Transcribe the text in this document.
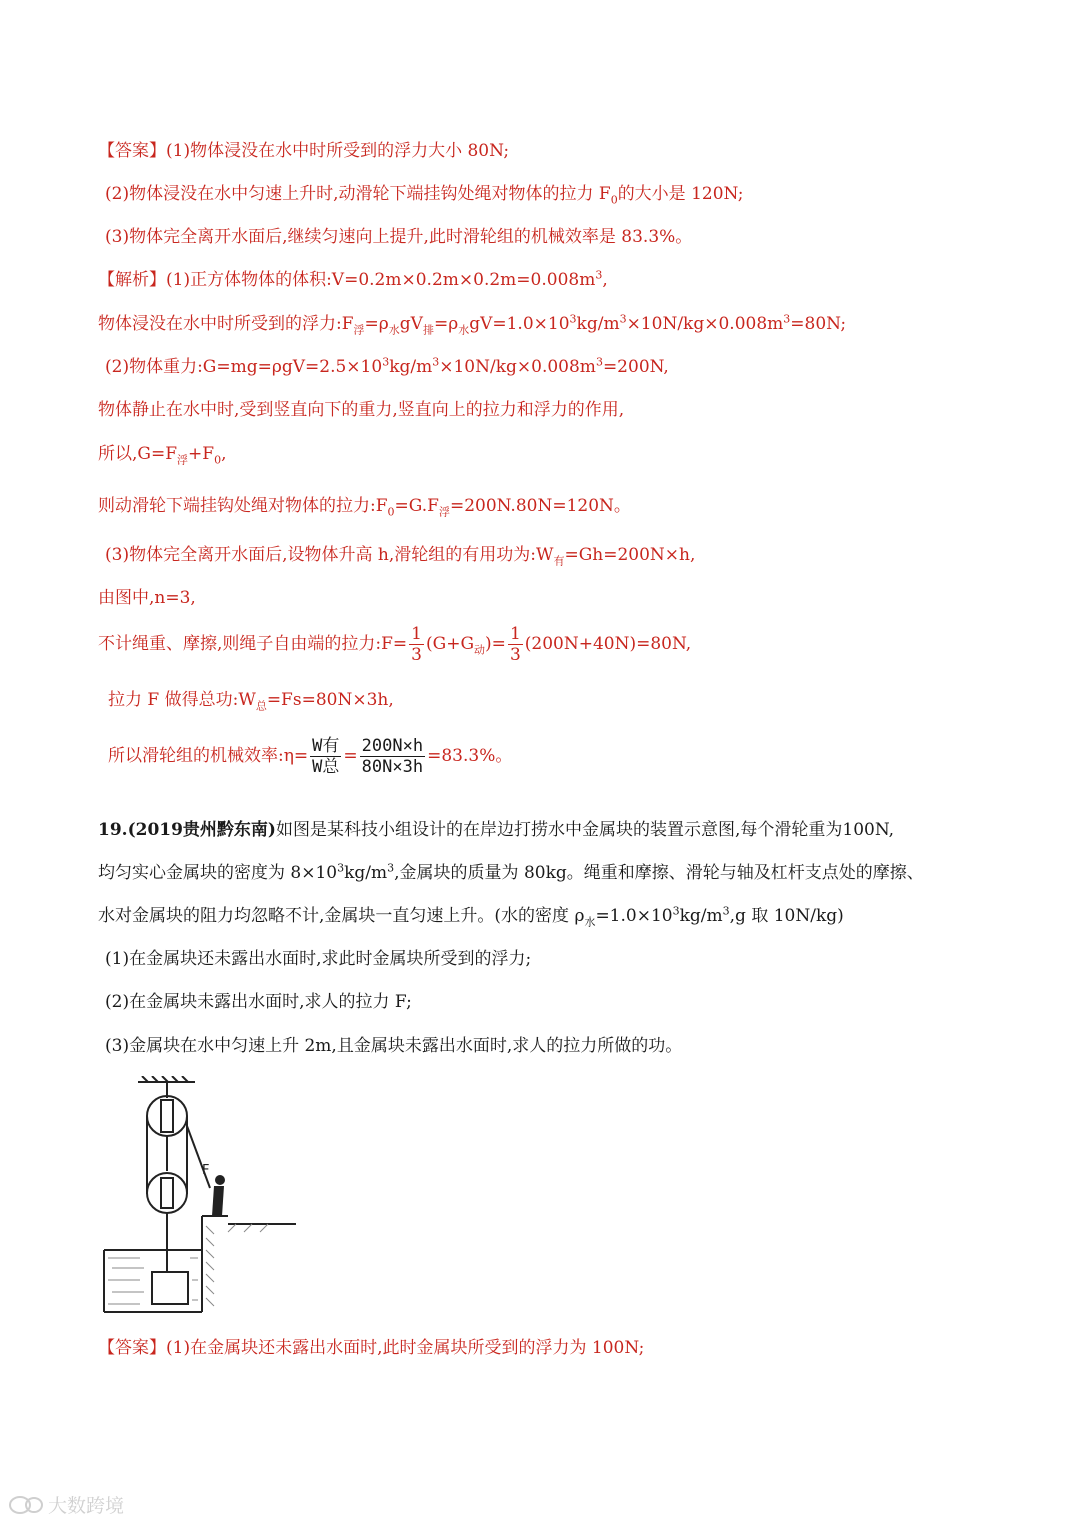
【答案】(1)物体浸没在水中时所受到的浮力大小 80N;
(2)物体浸没在水中匀速上升时,动滑轮下端挂钩处绳对物体的拉力 $F_0$的大小是 120N;
(3)物体完全离开水面后,继续匀速向上提升,此时滑轮组的机械效率是 83.3%。
【解析】(1)正方体物体的体积$:V=0.2m\times 0.2m\times 0.2m=0.008m^3$,
物体浸没在水中时所受到的浮力$:F_浮=\rho_水gV_排=\rho_水gV=1.0\times 10^3kg/m^3\times 10N/kg\times 0.008m^3=80N$;
(2)物体重力$:G=mg=\rho gV=2.5\times 10^3kg/m^3\times 10N/kg\times 0.008m^3=200N$,
物体静止在水中时,受到竖直向下的重力,竖直向上的拉力和浮力的作用,
所以$,G=F_浮+F_0$,
则动滑轮下端挂钩处绳对物体的拉力$:F_0=G.F_浮=200N.80N=120N$。
(3)物体完全离开水面后,设物体升高 h,滑轮组的有用功为$:W_有=Gh=200N\times h$,
由图中,n=3,
不计绳重、摩擦,则绳子自由端的拉力:F= $\frac{1}{3} (G+G_动)= \frac{1}{3} (200N+40N)=80N$,
拉力 F 做得总功$:W_总=Fs=80N\times 3h$,
所以滑轮组的机械效率:η= $\frac{\text{W有}}{\text{W总}} = \frac{200N\times h}{80N\times 3h} =83.3\%$。
19.(2019贵州黔东南)如图是某科技小组设计的在岸边打捞水中金属块的装置示意图,每个滑轮重为100N,
均匀实心金属块的密度为 $8\times 10^3kg/m^3$,金属块的质量为 80kg。绳重和摩擦、滑轮与轴及杠杆支点处的摩擦、
水对金属块的阻力均忽略不计,金属块一直匀速上升。(水的密度 $\rho_水=1.0\times 10^3kg/m^3,g$ 取 10N/kg)
(1)在金属块还未露出水面时,求此时金属块所受到的浮力;
(2)在金属块未露出水面时,求人的拉力 F;
(3)金属块在水中匀速上升 2m,且金属块未露出水面时,求人的拉力所做的功。
F
【答案】(1)在金属块还未露出水面时,此时金属块所受到的浮力为 100N;
大数跨境
